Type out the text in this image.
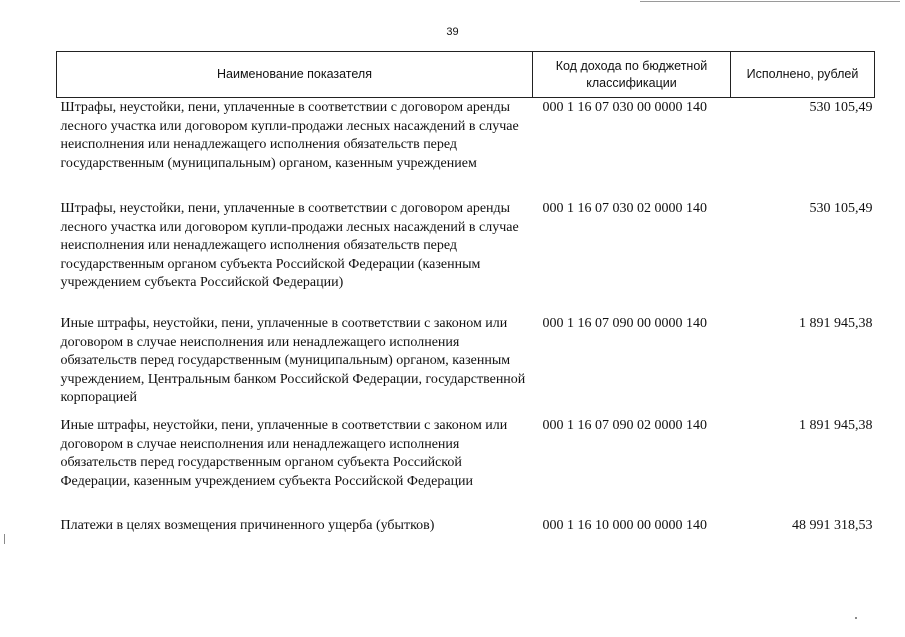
39
Наименование показателя	Код дохода по бюджетной классификации	Исполнено, рублей
Штрафы, неустойки, пени, уплаченные в соответствии с договором аренды лесного участка или договором купли-продажи лесных насаждений в случае неисполнения или ненадлежащего исполнения обязательств перед государственным (муниципальным) органом, казенным учреждением	000 1 16 07 030 00 0000 140	530 105,49
Штрафы, неустойки, пени, уплаченные в соответствии с договором аренды лесного участка или договором купли-продажи лесных насаждений в случае неисполнения или ненадлежащего исполнения обязательств перед государственным органом субъекта Российской Федерации (казенным учреждением субъекта Российской Федерации)	000 1 16 07 030 02 0000 140	530 105,49
Иные штрафы, неустойки, пени, уплаченные в соответствии с законом или договором в случае неисполнения или ненадлежащего исполнения обязательств перед государственным (муниципальным) органом, казенным учреждением, Центральным банком Российской Федерации, государственной корпорацией	000 1 16 07 090 00 0000 140	1 891 945,38
Иные штрафы, неустойки, пени, уплаченные в соответствии с законом или договором в случае неисполнения или ненадлежащего исполнения обязательств перед государственным органом субъекта Российской Федерации, казенным учреждением субъекта Российской Федерации	000 1 16 07 090 02 0000 140	1 891 945,38
Платежи в целях возмещения причиненного ущерба (убытков)	000 1 16 10 000 00 0000 140	48 991 318,53
